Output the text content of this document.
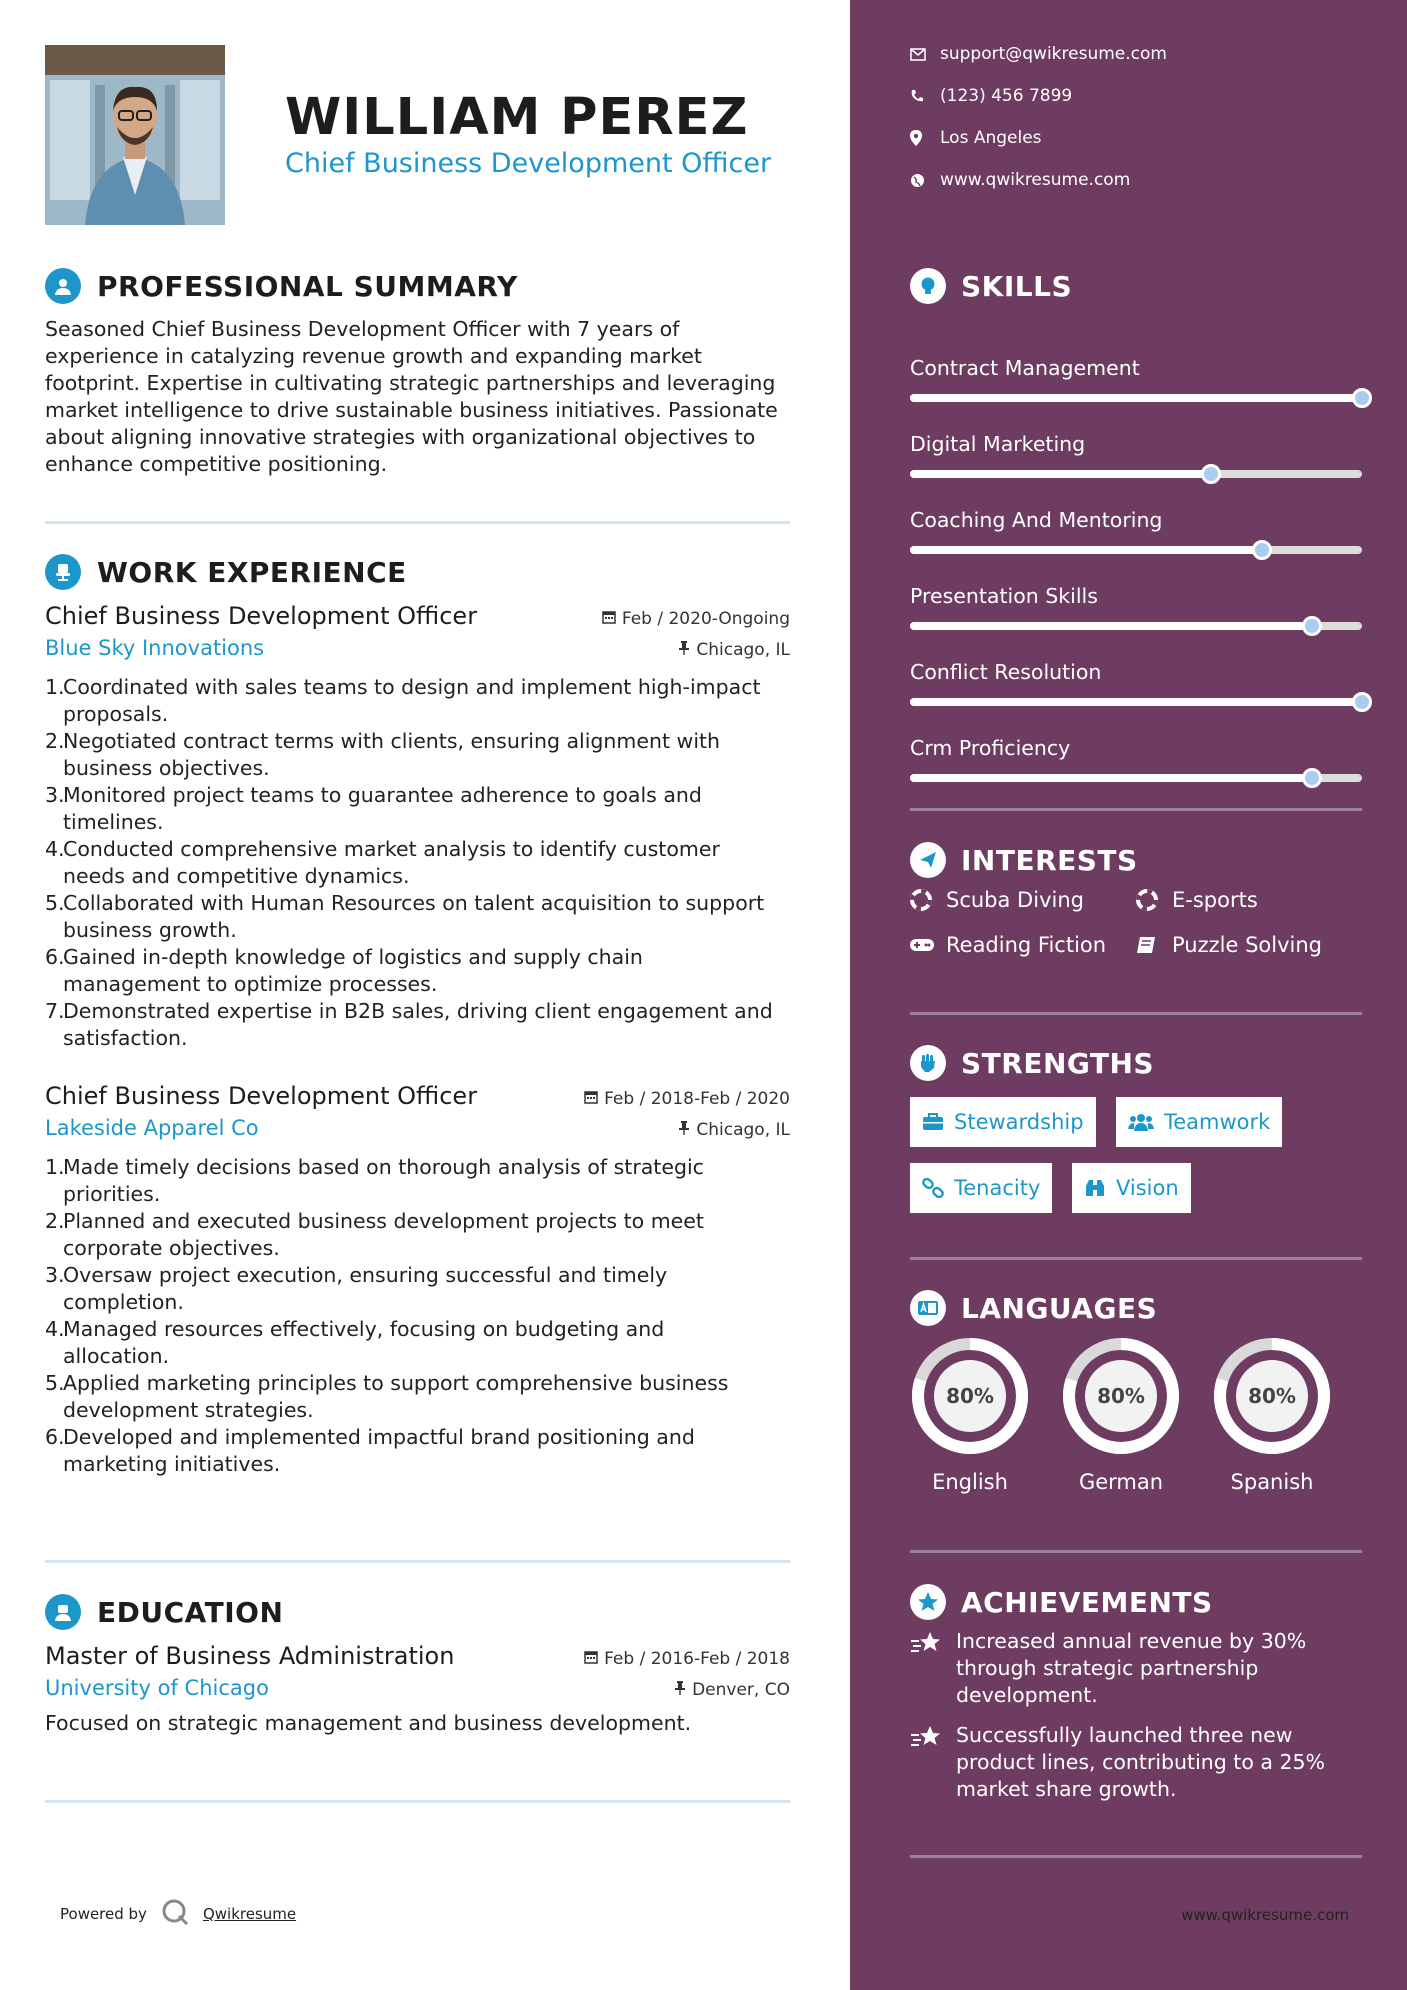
WILLIAM PEREZ
Chief Business Development Officer
PROFESSIONAL SUMMARY
Seasoned Chief Business Development Officer with 7 years of
experience in catalyzing revenue growth and expanding market
footprint. Expertise in cultivating strategic partnerships and leveraging
market intelligence to drive sustainable business initiatives. Passionate
about aligning innovative strategies with organizational objectives to
enhance competitive positioning.
WORK EXPERIENCE
Chief Business Development Officer	Feb / 2020-Ongoing
Blue Sky Innovations	Chicago, IL
1.
Coordinated with sales teams to design and implement high-impact
proposals.
2.
Negotiated contract terms with clients, ensuring alignment with
business objectives.
3.
Monitored project teams to guarantee adherence to goals and
timelines.
4.
Conducted comprehensive market analysis to identify customer
needs and competitive dynamics.
5.
Collaborated with Human Resources on talent acquisition to support
business growth.
6.
Gained in-depth knowledge of logistics and supply chain
management to optimize processes.
7.
Demonstrated expertise in B2B sales, driving client engagement and
satisfaction.
Chief Business Development Officer	Feb / 2018-Feb / 2020
Lakeside Apparel Co	Chicago, IL
1.
Made timely decisions based on thorough analysis of strategic
priorities.
2.
Planned and executed business development projects to meet
corporate objectives.
3.
Oversaw project execution, ensuring successful and timely
completion.
4.
Managed resources effectively, focusing on budgeting and
allocation.
5.
Applied marketing principles to support comprehensive business
development strategies.
6.
Developed and implemented impactful brand positioning and
marketing initiatives.
EDUCATION
Master of Business Administration	Feb / 2016-Feb / 2018
University of Chicago	Denver, CO
Focused on strategic management and business development.
Powered by	Qwikresume
support@qwikresume.com
(123) 456 7899
Los Angeles
www.qwikresume.com
SKILLS
Contract Management
Digital Marketing
Coaching And Mentoring
Presentation Skills
Conflict Resolution
Crm Proficiency
INTERESTS
Scuba Diving	E-sports
Reading Fiction	Puzzle Solving
STRENGTHS
Stewardship	Teamwork
Tenacity	Vision
LANGUAGES
80%
English
80%
German
80%
Spanish
ACHIEVEMENTS
Increased annual revenue by 30%
through strategic partnership
development.
Successfully launched three new
product lines, contributing to a 25%
market share growth.
www.qwikresume.com
